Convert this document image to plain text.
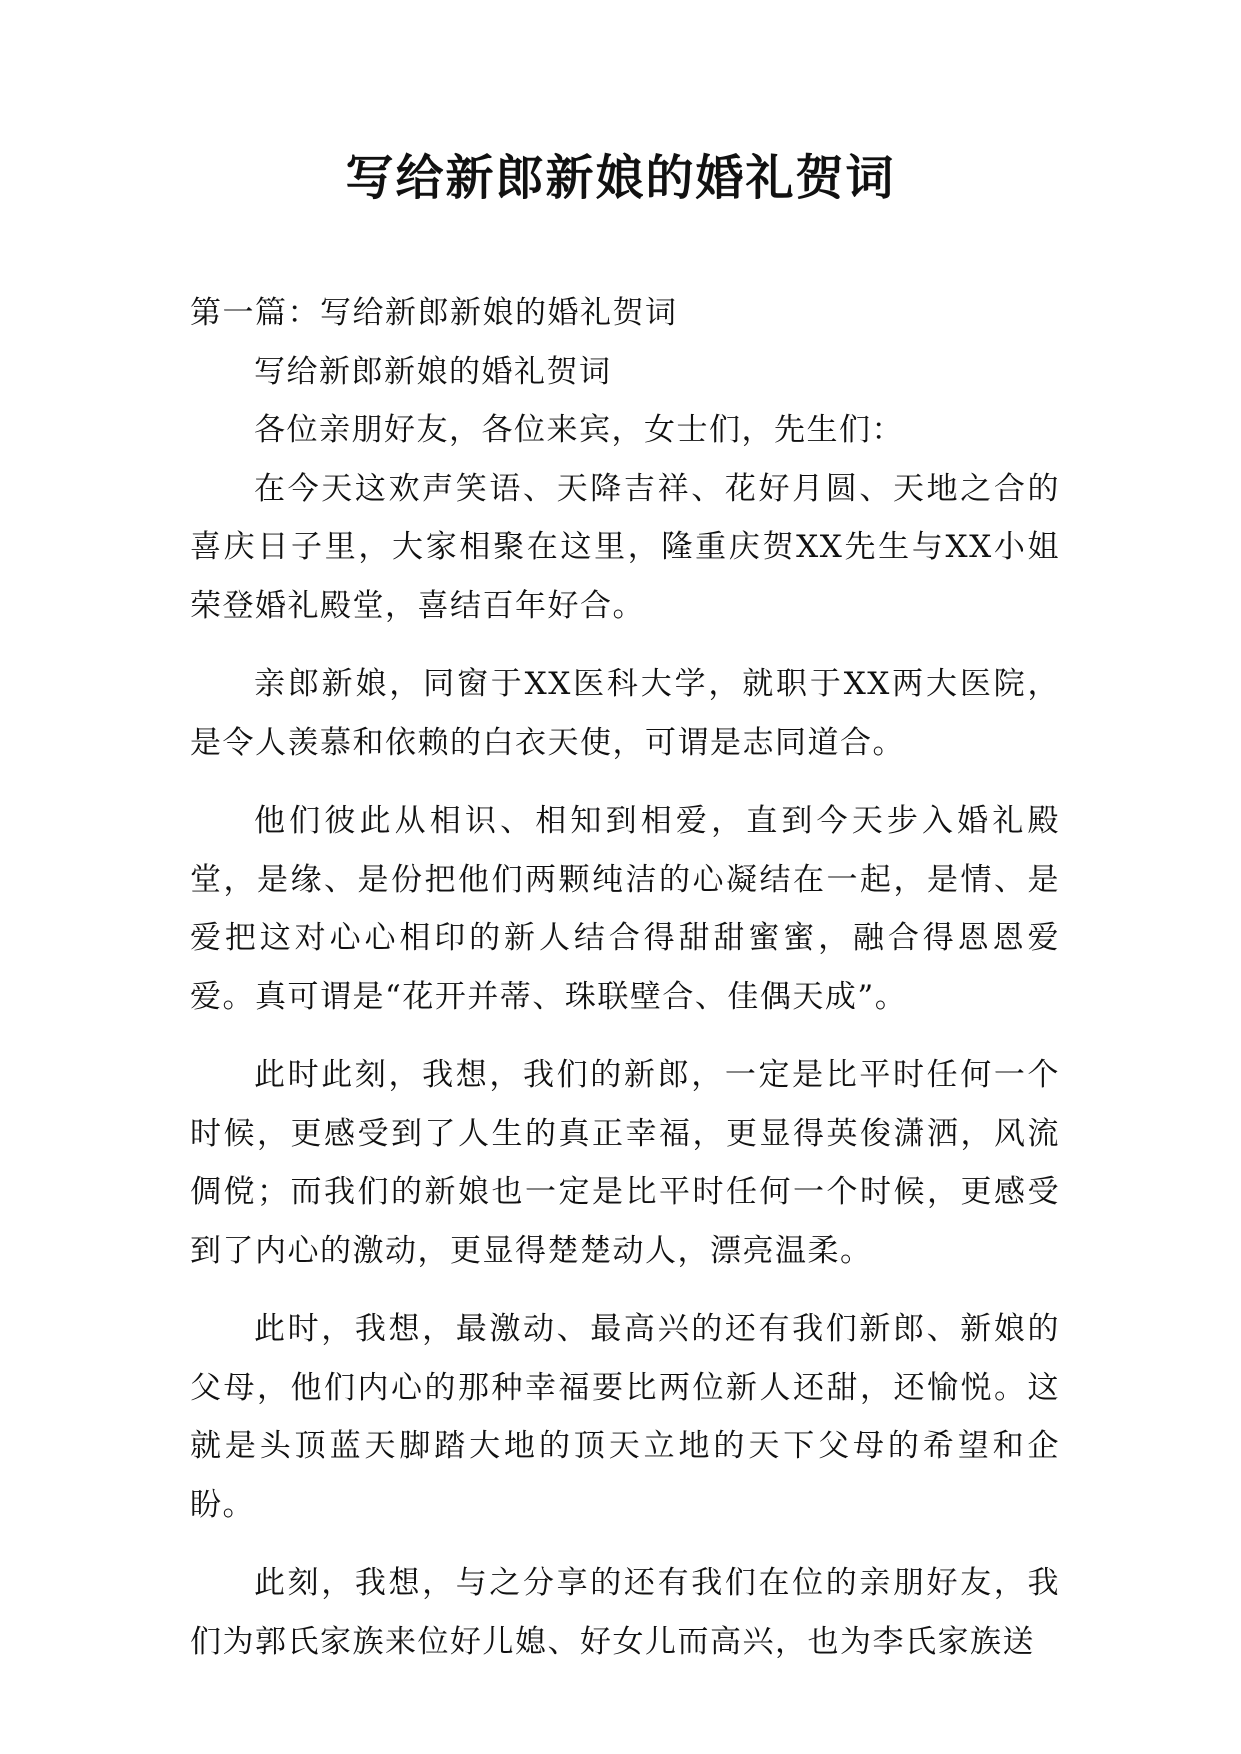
写给新郎新娘的婚礼贺词

第一篇：写给新郎新娘的婚礼贺词

写给新郎新娘的婚礼贺词

各位亲朋好友，各位来宾，女士们，先生们：

在今天这欢声笑语、天降吉祥、花好月圆、天地之合的喜庆日子里，大家相聚在这里，隆重庆贺XX先生与XX小姐荣登婚礼殿堂，喜结百年好合。

亲郎新娘，同窗于XX医科大学，就职于XX两大医院，是令人羡慕和依赖的白衣天使，可谓是志同道合。

他们彼此从相识、相知到相爱，直到今天步入婚礼殿堂，是缘、是份把他们两颗纯洁的心凝结在一起，是情、是爱把这对心心相印的新人结合得甜甜蜜蜜，融合得恩恩爱爱。真可谓是“花开并蒂、珠联壁合、佳偶天成”。

此时此刻，我想，我们的新郎，一定是比平时任何一个时候，更感受到了人生的真正幸福，更显得英俊潇洒，风流倜傥；而我们的新娘也一定是比平时任何一个时候，更感受到了内心的激动，更显得楚楚动人，漂亮温柔。

此时，我想，最激动、最高兴的还有我们新郎、新娘的父母，他们内心的那种幸福要比两位新人还甜，还愉悦。这就是头顶蓝天脚踏大地的顶天立地的天下父母的希望和企盼。

此刻，我想，与之分享的还有我们在位的亲朋好友，我们为郭氏家族来位好儿媳、好女儿而高兴，也为李氏家族送
